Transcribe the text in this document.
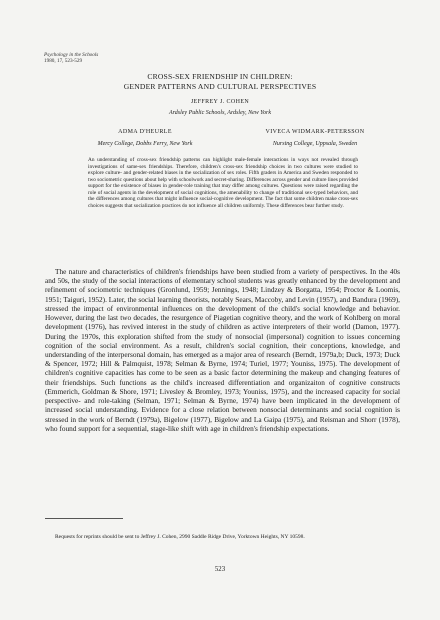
Psychology in the Schools
1980, 17, 523-529
CROSS-SEX FRIENDSHIP IN CHILDREN:
GENDER PATTERNS AND CULTURAL PERSPECTIVES
JEFFREY J. COHEN
Ardsley Public Schools, Ardsley, New York
ADMA D'HEURLE
Mercy College, Dobbs Ferry, New York
VIVECA WIDMARK-PETERSSON
Nursing College, Uppsala, Sweden
An understanding of cross-sex friendship patterns can highlight male-female interactions in ways not revealed through investigations of same-sex friendships. Therefore, children's cross-sex friendship choices in two cultures were studied to explore culture- and gender-related biases in the socialization of sex roles. Fifth graders in America and Sweden responded to two sociometric questions about help with schoolwork and secret-sharing. Differences across gender and culture lines provided support for the existence of biases in gender-role training that may differ among cultures. Questions were raised regarding the role of social agents in the development of social cognitions, the amenability to change of traditional sex-typed behaviors, and the differences among cultures that might influence social-cognitive development. The fact that some children make cross-sex choices suggests that socialization practices do not influence all children uniformly. These differences bear further study.

The nature and characteristics of children's friendships have been studied from a variety of perspectives. In the 40s and 50s, the study of the social interactions of elementary school students was greatly enhanced by the development and refinement of sociometric techniques (Gronlund, 1959; Jennings, 1948; Lindzey & Borgatta, 1954; Proctor & Loomis, 1951; Taiguri, 1952). Later, the social learning theorists, notably Sears, Maccoby, and Levin (1957), and Bandura (1969), stressed the impact of environmental influences on the development of the child's social knowledge and behavior. However, during the last two decades, the resurgence of Piagetian cognitive theory, and the work of Kohlberg on moral development (1976), has revived interest in the study of children as active interpreters of their world (Damon, 1977). During the 1970s, this exploration shifted from the study of nonsocial (impersonal) cognition to issues concerning cognition of the social environment. As a result, children's social cognition, their conceptions, knowledge, and understanding of the interpersonal domain, has emerged as a major area of research (Berndt, 1979a,b; Duck, 1973; Duck & Spencer, 1972; Hill & Palmquist, 1978; Selman & Byrne, 1974; Turiel, 1977; Youniss, 1975). The development of children's cognitive capacities has come to be seen as a basic factor determining the makeup and changing features of their friendships. Such functions as the child's increased differentiation and organizaiton of cognitive constructs (Emmerich, Goldman & Shore, 1971; Livesley & Bromley, 1973; Youniss, 1975), and the increased capacity for social perspective- and role-taking (Selman, 1971; Selman & Byrne, 1974) have been implicated in the development of increased social understanding. Evidence for a close relation between nonsocial determinants and social cognition is stressed in the work of Berndt (1979a), Bigelow (1977), Bigelow and La Gaipa (1975), and Reisman and Shorr (1978), who found support for a sequential, stage-like shift with age in children's friendship expectations.

Requests for reprints should be sent to Jeffrey J. Cohen, 2990 Saddle Ridge Drive, Yorktown Heights, NY 10598.
523
